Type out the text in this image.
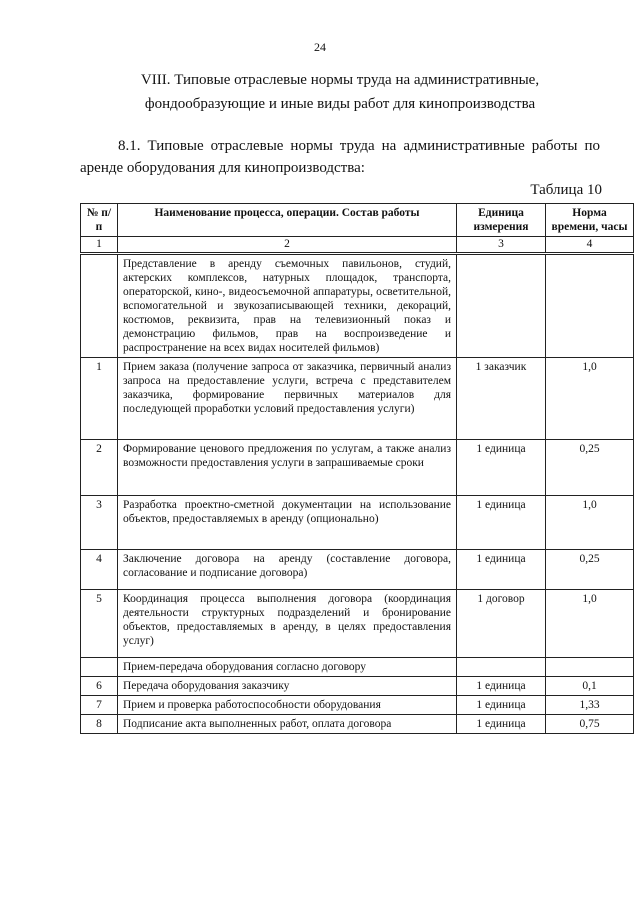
24
VIII. Типовые отраслевые нормы труда на административные,
фондообразующие и иные виды работ для кинопроизводства
8.1. Типовые отраслевые нормы труда на административные работы по аренде оборудования для кинопроизводства:
Таблица 10
№ п/п	Наименование процесса, операции. Состав работы	Единица измерения	Норма времени, часы
1	2	3	4
	Представление в аренду съемочных павильонов, студий, актерских комплексов, натурных площадок, транспорта, операторской, кино-, видеосъемочной аппаратуры, осветительной, вспомогательной и звукозаписывающей техники, декораций, костюмов, реквизита, прав на телевизионный показ и демонстрацию фильмов, прав на воспроизведение и распространение на всех видах носителей фильмов)		
1	Прием заказа (получение запроса от заказчика, первичный анализ запроса на предоставление услуги, встреча с представителем заказчика, формирование первичных материалов для последующей проработки условий предоставления услуги)	1 заказчик	1,0
2	Формирование ценового предложения по услугам, а также анализ возможности предоставления услуги в запрашиваемые сроки	1 единица	0,25
3	Разработка проектно-сметной документации на использование объектов, предоставляемых в аренду (опционально)	1 единица	1,0
4	Заключение договора на аренду (составление договора, согласование и подписание договора)	1 единица	0,25
5	Координация процесса выполнения договора (координация деятельности структурных подразделений и бронирование объектов, предоставляемых в аренду, в целях предоставления услуг)	1 договор	1,0
	Прием-передача оборудования согласно договору		
6	Передача оборудования заказчику	1 единица	0,1
7	Прием и проверка работоспособности оборудования	1 единица	1,33
8	Подписание акта выполненных работ, оплата договора	1 единица	0,75
